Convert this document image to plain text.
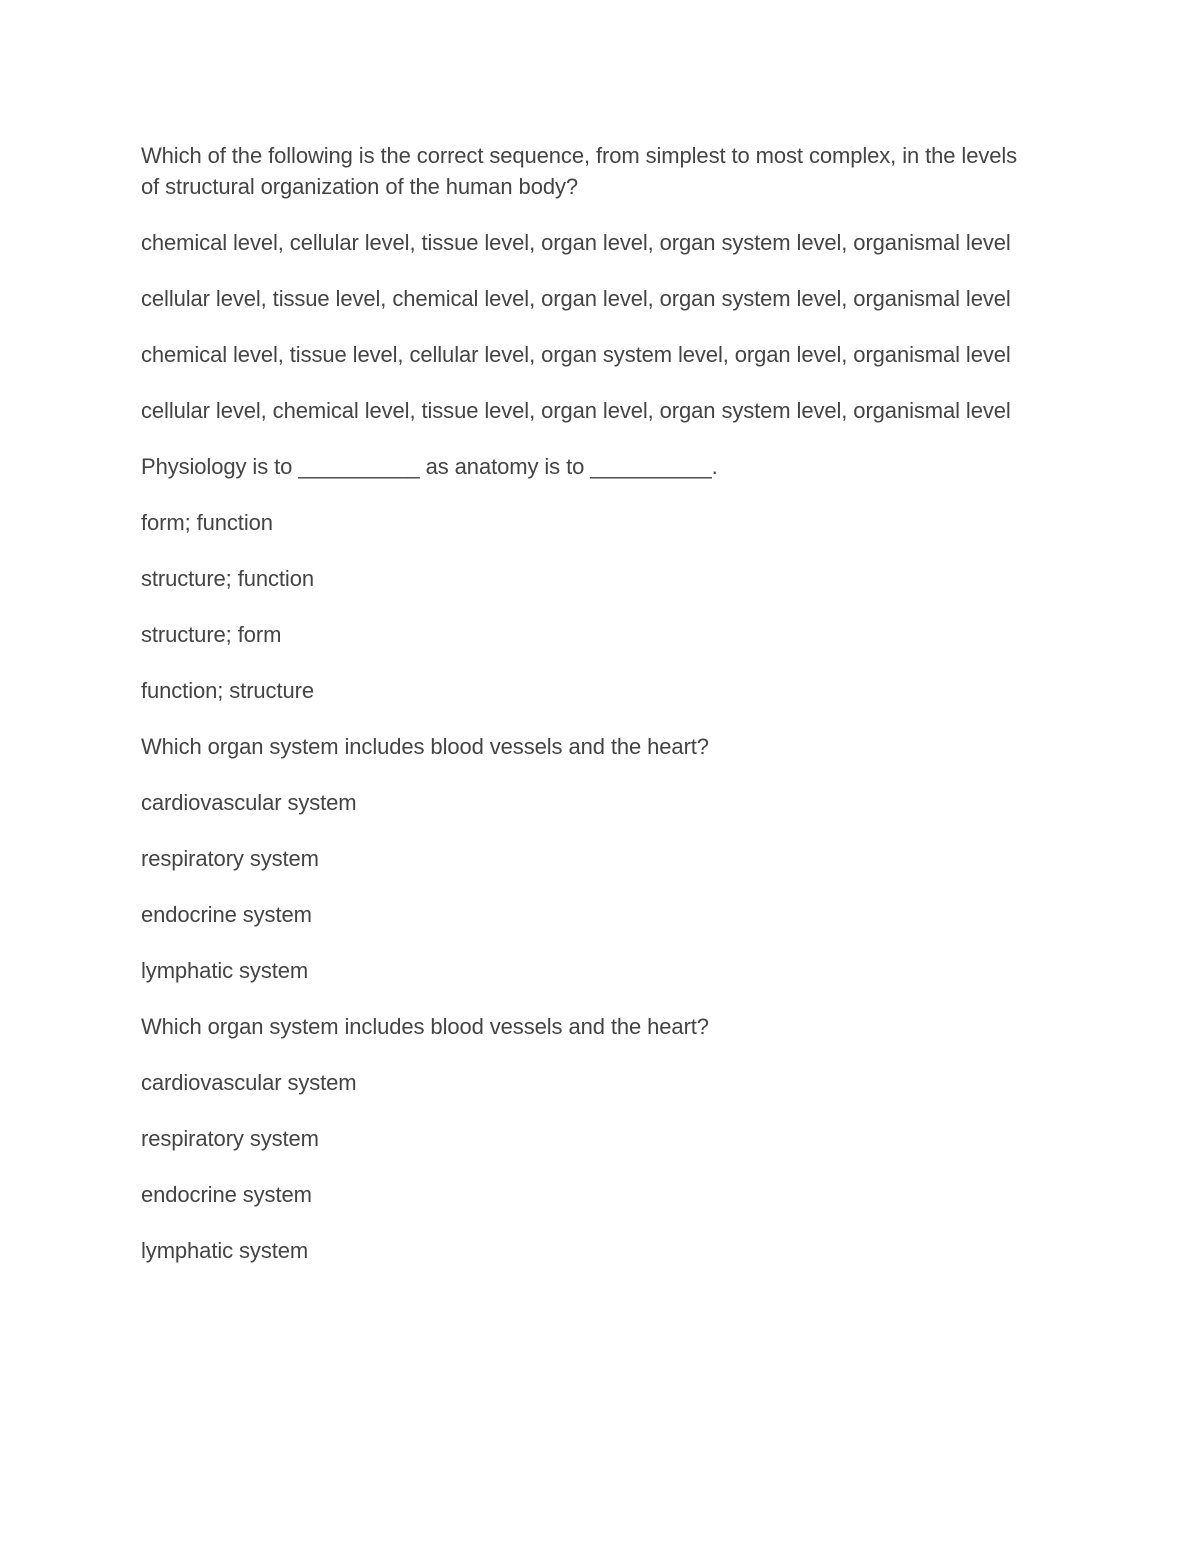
Which of the following is the correct sequence, from simplest to most complex, in the levels of structural organization of the human body?
chemical level, cellular level, tissue level, organ level, organ system level, organismal level
cellular level, tissue level, chemical level, organ level, organ system level, organismal level
chemical level, tissue level, cellular level, organ system level, organ level, organismal level
cellular level, chemical level, tissue level, organ level, organ system level, organismal level
Physiology is to __________ as anatomy is to __________.
form; function
structure; function
structure; form
function; structure
Which organ system includes blood vessels and the heart?
cardiovascular system
respiratory system
endocrine system
lymphatic system
Which organ system includes blood vessels and the heart?
cardiovascular system
respiratory system
endocrine system
lymphatic system
